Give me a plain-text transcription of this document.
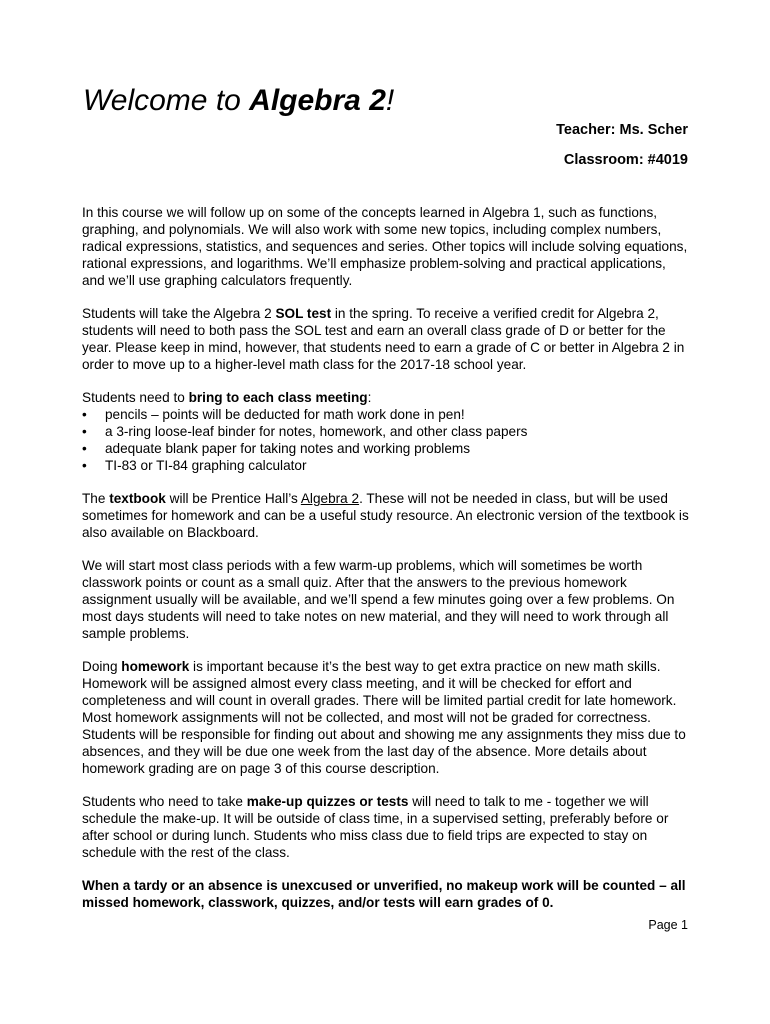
Welcome to Algebra 2!
Teacher: Ms. Scher
Classroom: #4019

In this course we will follow up on some of the concepts learned in Algebra 1, such as functions, graphing, and polynomials. We will also work with some new topics, including complex numbers, radical expressions, statistics, and sequences and series. Other topics will include solving equations, rational expressions, and logarithms. We’ll emphasize problem-solving and practical applications, and we’ll use graphing calculators frequently.

Students will take the Algebra 2 SOL test in the spring. To receive a verified credit for Algebra 2, students will need to both pass the SOL test and earn an overall class grade of D or better for the year. Please keep in mind, however, that students need to earn a grade of C or better in Algebra 2 in order to move up to a higher-level math class for the 2017-18 school year.

Students need to bring to each class meeting:

• pencils – points will be deducted for math work done in pen!
• a 3-ring loose-leaf binder for notes, homework, and other class papers
• adequate blank paper for taking notes and working problems
• TI-83 or TI-84 graphing calculator

The textbook will be Prentice Hall’s Algebra 2. These will not be needed in class, but will be used sometimes for homework and can be a useful study resource. An electronic version of the textbook is also available on Blackboard.

We will start most class periods with a few warm-up problems, which will sometimes be worth classwork points or count as a small quiz. After that the answers to the previous homework assignment usually will be available, and we’ll spend a few minutes going over a few problems. On most days students will need to take notes on new material, and they will need to work through all sample problems.

Doing homework is important because it’s the best way to get extra practice on new math skills. Homework will be assigned almost every class meeting, and it will be checked for effort and completeness and will count in overall grades. There will be limited partial credit for late homework. Most homework assignments will not be collected, and most will not be graded for correctness. Students will be responsible for finding out about and showing me any assignments they miss due to absences, and they will be due one week from the last day of the absence. More details about homework grading are on page 3 of this course description.

Students who need to take make-up quizzes or tests will need to talk to me - together we will schedule the make-up. It will be outside of class time, in a supervised setting, preferably before or after school or during lunch. Students who miss class due to field trips are expected to stay on schedule with the rest of the class.

When a tardy or an absence is unexcused or unverified, no makeup work will be counted – all missed homework, classwork, quizzes, and/or tests will earn grades of 0.

Page 1
